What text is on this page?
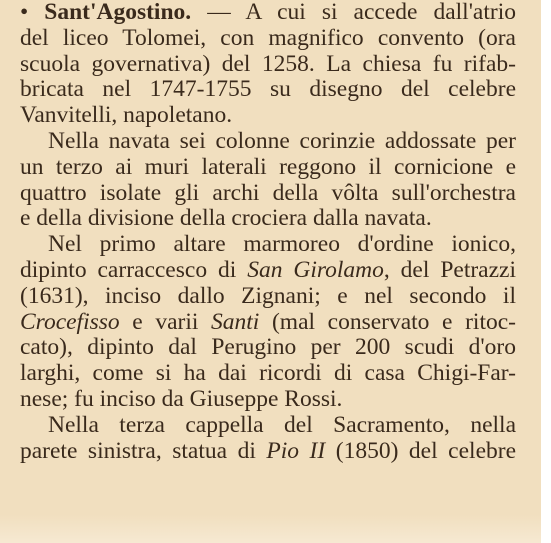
• Sant'Agostino. — A cui si accede dall'atrio
del liceo Tolomei, con magnifico convento (ora
scuola governativa) del 1258. La chiesa fu rifab-
bricata nel 1747-1755 su disegno del celebre
Vanvitelli, napoletano.
Nella navata sei colonne corinzie addossate per
un terzo ai muri laterali reggono il cornicione e
quattro isolate gli archi della vôlta sull'orchestra
e della divisione della crociera dalla navata.
Nel primo altare marmoreo d'ordine ionico,
dipinto carraccesco di San Girolamo, del Petrazzi
(1631), inciso dallo Zignani; e nel secondo il
Crocefisso e varii Santi (mal conservato e ritoc-
cato), dipinto dal Perugino per 200 scudi d'oro
larghi, come si ha dai ricordi di casa Chigi-Far-
nese; fu inciso da Giuseppe Rossi.
Nella terza cappella del Sacramento, nella
parete sinistra, statua di Pio II (1850) del celebre
